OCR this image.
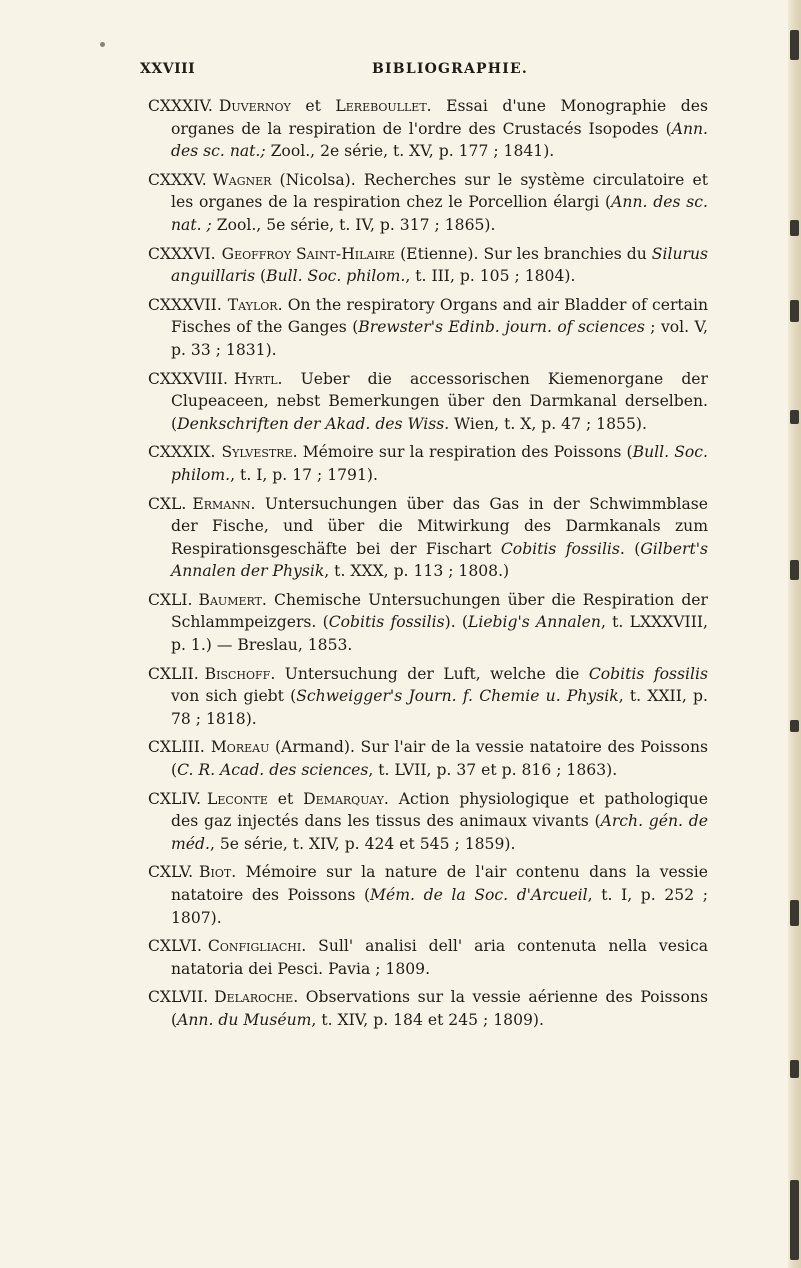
XXVIII	BIBLIOGRAPHIE.

CXXXIV. Duvernoy et Lereboullet. Essai d'une Monographie des organes de la respiration de l'ordre des Crustacés Isopodes (Ann. des sc. nat.; Zool., 2e série, t. XV, p. 177 ; 1841).

CXXXV. Wagner (Nicolsa). Recherches sur le système circulatoire et les organes de la respiration chez le Porcellion élargi (Ann. des sc. nat. ; Zool., 5e série, t. IV, p. 317 ; 1865).

CXXXVI. Geoffroy Saint-Hilaire (Etienne). Sur les branchies du Silurus anguillaris (Bull. Soc. philom., t. III, p. 105 ; 1804).

CXXXVII. Taylor. On the respiratory Organs and air Bladder of certain Fisches of the Ganges (Brewster's Edinb. journ. of sciences ; vol. V, p. 33 ; 1831).

CXXXVIII. Hyrtl. Ueber die accessorischen Kiemenorgane der Clupeaceen, nebst Bemerkungen über den Darmkanal derselben. (Denkschriften der Akad. des Wiss. Wien, t. X, p. 47 ; 1855).

CXXXIX. Sylvestre. Mémoire sur la respiration des Poissons (Bull. Soc. philom., t. I, p. 17 ; 1791).

CXL. Ermann. Untersuchungen über das Gas in der Schwimmblase der Fische, und über die Mitwirkung des Darmkanals zum Respirationsgeschäfte bei der Fischart Cobitis fossilis. (Gilbert's Annalen der Physik, t. XXX, p. 113 ; 1808.)

CXLI. Baumert. Chemische Untersuchungen über die Respiration der Schlammpeizgers. (Cobitis fossilis). (Liebig's Annalen, t. LXXXVIII, p. 1.) — Breslau, 1853.

CXLII. Bischoff. Untersuchung der Luft, welche die Cobitis fossilis von sich giebt (Schweigger's Journ. f. Chemie u. Physik, t. XXII, p. 78 ; 1818).

CXLIII. Moreau (Armand). Sur l'air de la vessie natatoire des Poissons (C. R. Acad. des sciences, t. LVII, p. 37 et p. 816 ; 1863).

CXLIV. Leconte et Demarquay. Action physiologique et pathologique des gaz injectés dans les tissus des animaux vivants (Arch. gén. de méd., 5e série, t. XIV, p. 424 et 545 ; 1859).

CXLV. Biot. Mémoire sur la nature de l'air contenu dans la vessie natatoire des Poissons (Mém. de la Soc. d'Arcueil, t. I, p. 252 ; 1807).

CXLVI. Configliachi. Sull' analisi dell' aria contenuta nella vesica natatoria dei Pesci. Pavia ; 1809.

CXLVII. Delaroche. Observations sur la vessie aérienne des Poissons (Ann. du Muséum, t. XIV, p. 184 et 245 ; 1809).
